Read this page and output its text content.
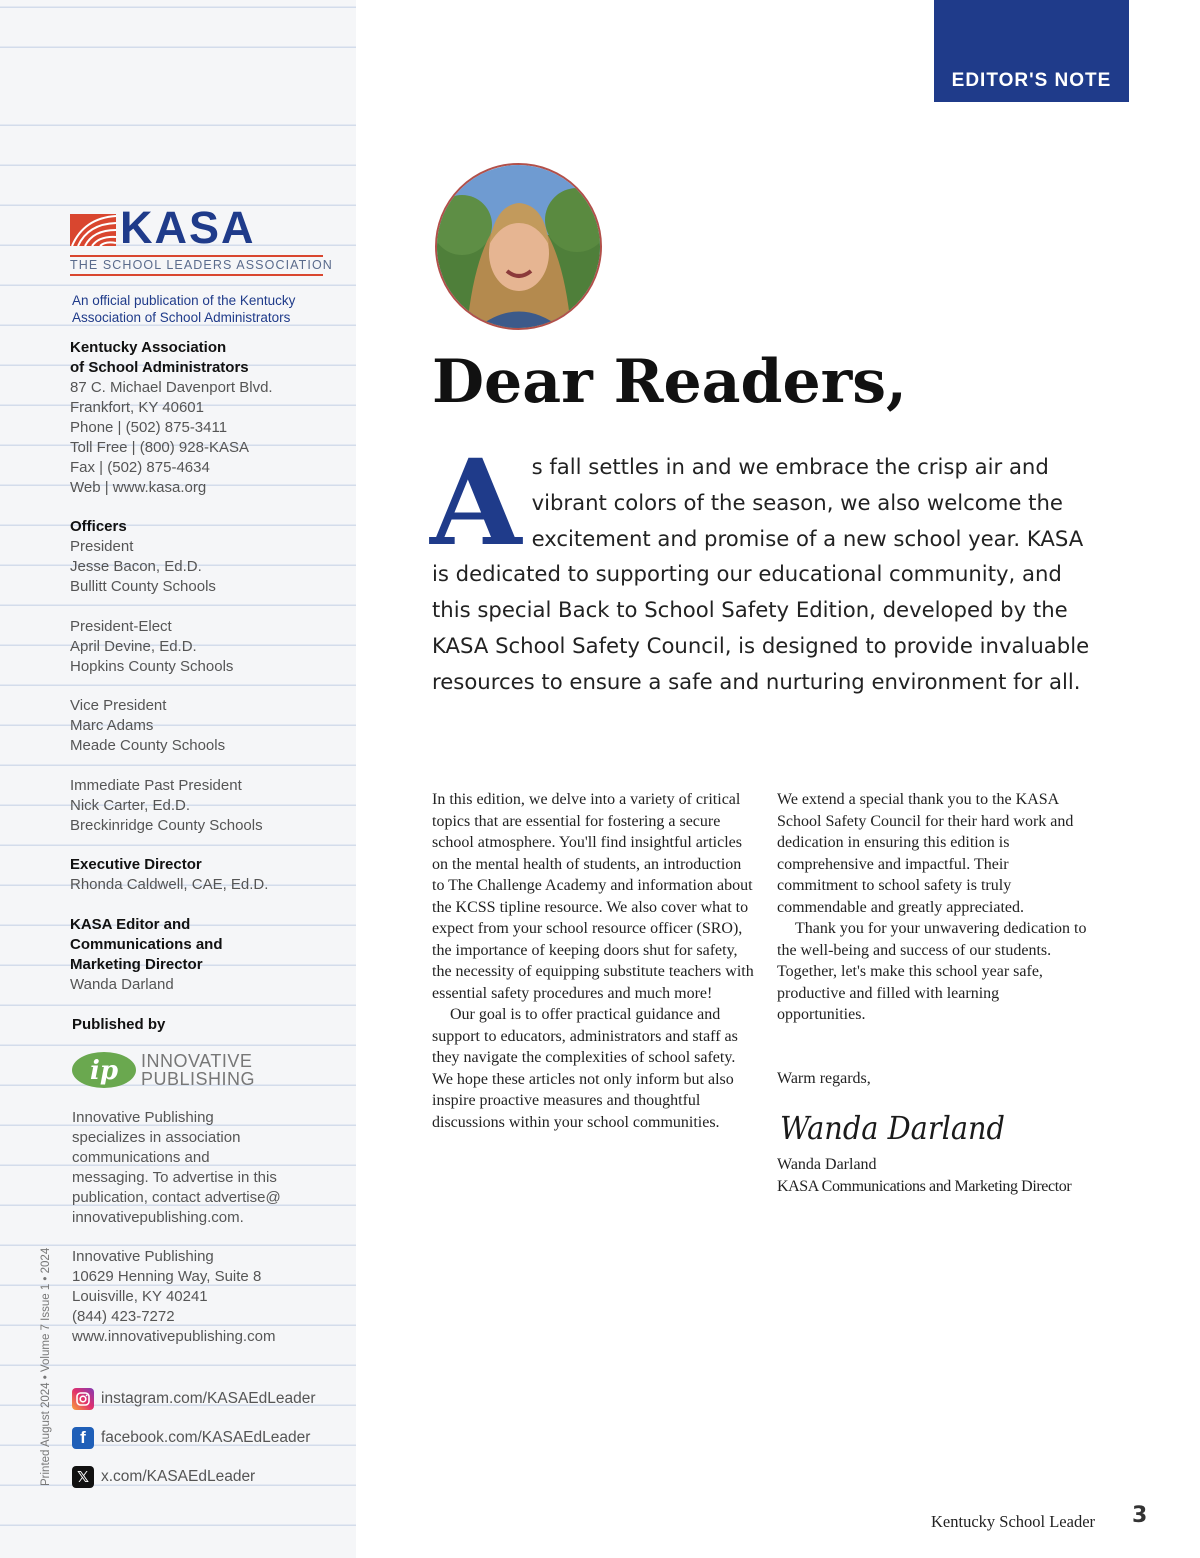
KASA
THE SCHOOL LEADERS ASSOCIATION
An official publication of the Kentucky
Association of School Administrators
Kentucky Association
of School Administrators
87 C. Michael Davenport Blvd.
Frankfort, KY 40601
Phone | (502) 875-3411
Toll Free | (800) 928-KASA
Fax | (502) 875-4634
Web | www.kasa.org
Officers
President
Jesse Bacon, Ed.D.
Bullitt County Schools
President-Elect
April Devine, Ed.D.
Hopkins County Schools
Vice President
Marc Adams
Meade County Schools
Immediate Past President
Nick Carter, Ed.D.
Breckinridge County Schools
Executive Director
Rhonda Caldwell, CAE, Ed.D.
KASA Editor and
Communications and
Marketing Director
Wanda Darland
Published by
ip INNOVATIVE
PUBLISHING
Innovative Publishing
specializes in association
communications and
messaging. To advertise in this
publication, contact advertise@
innovativepublishing.com.
Innovative Publishing
10629 Henning Way, Suite 8
Louisville, KY 40241
(844) 423-7272
www.innovativepublishing.com
instagram.com/KASAEdLeader
f facebook.com/KASAEdLeader
𝕏 x.com/KASAEdLeader
Printed August 2024 • Volume 7 Issue 1 • 2024
EDITOR'S NOTE
Dear Readers,
A s fall settles in and we embrace the crisp air and vibrant colors of the season, we also welcome the excitement and promise of a new school year. KASA is dedicated to supporting our educational community, and this special Back to School Safety Edition, developed by the KASA School Safety Council, is designed to provide invaluable resources to ensure a safe and nurturing environment for all.

In this edition, we delve into a variety of critical topics that are essential for fostering a secure school atmosphere. You'll find insightful articles on the mental health of students, an introduction to The Challenge Academy and information about the KCSS tipline resource. We also cover what to expect from your school resource officer (SRO), the importance of keeping doors shut for safety, the necessity of equipping substitute teachers with essential safety procedures and much more!

Our goal is to offer practical guidance and support to educators, administrators and staff as they navigate the complexities of school safety. We hope these articles not only inform but also inspire proactive measures and thoughtful discussions within your school communities.

We extend a special thank you to the KASA School Safety Council for their hard work and dedication in ensuring this edition is comprehensive and impactful. Their commitment to school safety is truly commendable and greatly appreciated.

Thank you for your unwavering dedication to the well-being and success of our students. Together, let's make this school year safe, productive and filled with learning opportunities.

Warm regards,
Wanda Darland

Wanda Darland

KASA Communications and Marketing Director

Kentucky School Leader 3
